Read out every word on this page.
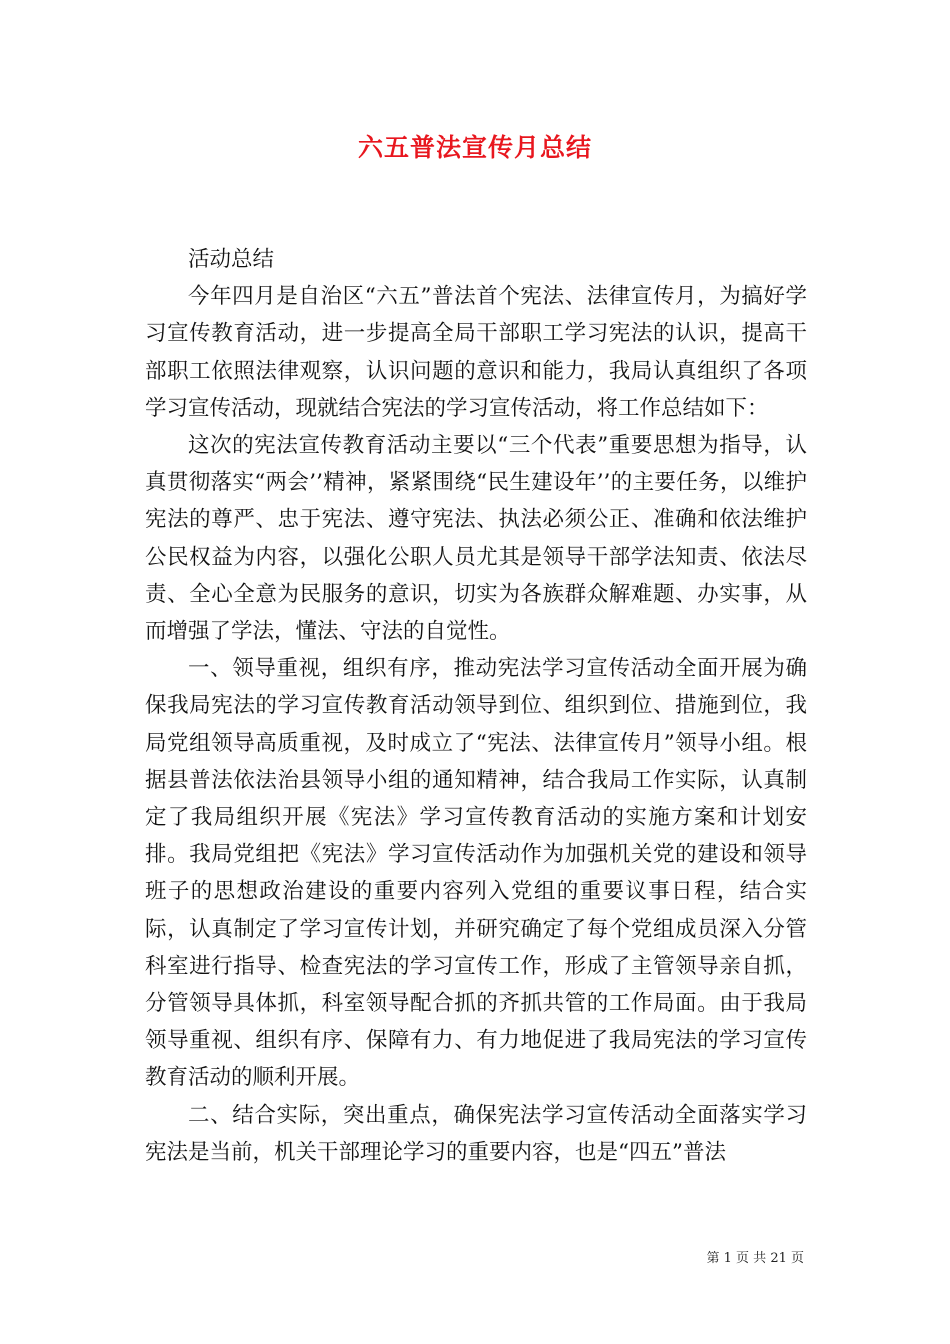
六五普法宣传月总结

活动总结

今年四月是自治区“六五”普法首个宪法、法律宣传月，为搞好学习宣传教育活动，进一步提高全局干部职工学习宪法的认识，提高干部职工依照法律观察，认识问题的意识和能力，我局认真组织了各项学习宣传活动，现就结合宪法的学习宣传活动，将工作总结如下：

这次的宪法宣传教育活动主要以“三个代表”重要思想为指导，认真贯彻落实“两会’’精神，紧紧围绕“民生建设年’’的主要任务，以维护宪法的尊严、忠于宪法、遵守宪法、执法必须公正、准确和依法维护公民权益为内容，以强化公职人员尤其是领导干部学法知责、依法尽责、全心全意为民服务的意识，切实为各族群众解难题、办实事，从而增强了学法，懂法、守法的自觉性。

一、领导重视，组织有序，推动宪法学习宣传活动全面开展为确保我局宪法的学习宣传教育活动领导到位、组织到位、措施到位，我局党组领导高质重视，及时成立了“宪法、法律宣传月”领导小组。根据县普法依法治县领导小组的通知精神，结合我局工作实际，认真制定了我局组织开展《宪法》学习宣传教育活动的实施方案和计划安排。我局党组把《宪法》学习宣传活动作为加强机关党的建设和领导班子的思想政治建设的重要内容列入党组的重要议事日程，结合实际，认真制定了学习宣传计划，并研究确定了每个党组成员深入分管科室进行指导、检查宪法的学习宣传工作，形成了主管领导亲自抓，分管领导具体抓，科室领导配合抓的齐抓共管的工作局面。由于我局领导重视、组织有序、保障有力、有力地促进了我局宪法的学习宣传教育活动的顺利开展。

二、结合实际，突出重点，确保宪法学习宣传活动全面落实学习宪法是当前，机关干部理论学习的重要内容，也是“四五”普法

第 1 页 共 21 页
